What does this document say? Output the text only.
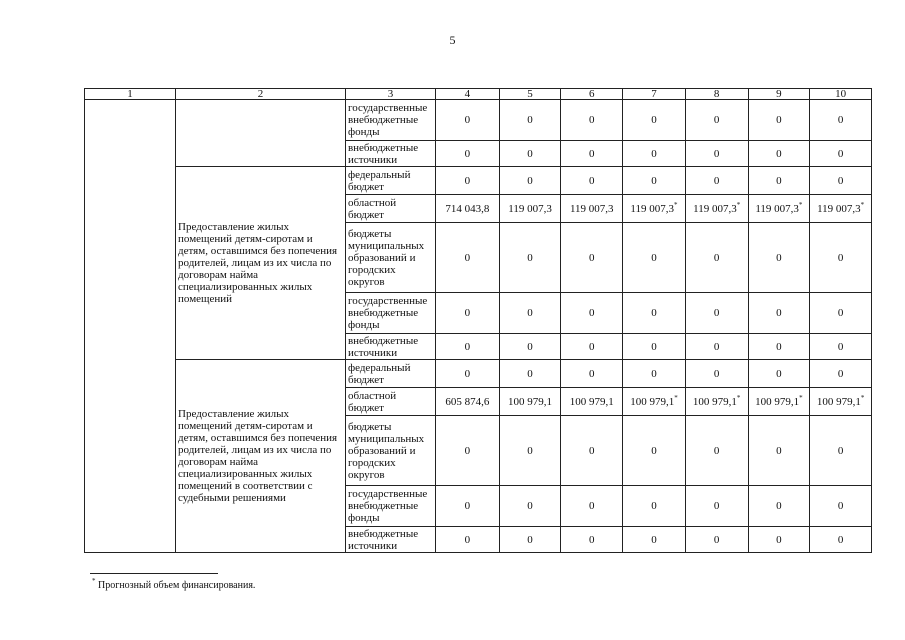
5
1	2	3	4	5	6	7	8	9	10
		государственные внебюджетные фонды	0	0	0	0	0	0	0
		внебюджетные источники	0	0	0	0	0	0	0
	Предоставление жилых помещений детям-сиротам и детям, оставшимся без попечения родителей, лицам из их числа по договорам найма специализированных жилых помещений	федеральный бюджет	0	0	0	0	0	0	0
		областной бюджет	714 043,8	119 007,3	119 007,3	119 007,3*	119 007,3*	119 007,3*	119 007,3*
		бюджеты муниципальных образований и городских округов	0	0	0	0	0	0	0
		государственные внебюджетные фонды	0	0	0	0	0	0	0
		внебюджетные источники	0	0	0	0	0	0	0
	Предоставление жилых помещений детям-сиротам и детям, оставшимся без попечения родителей, лицам из их числа по договорам найма специализированных жилых помещений в соответствии с судебными решениями	федеральный бюджет	0	0	0	0	0	0	0
		областной бюджет	605 874,6	100 979,1	100 979,1	100 979,1*	100 979,1*	100 979,1*	100 979,1*
		бюджеты муниципальных образований и городских округов	0	0	0	0	0	0	0
		государственные внебюджетные фонды	0	0	0	0	0	0	0
		внебюджетные источники	0	0	0	0	0	0	0
* Прогнозный объем финансирования.
